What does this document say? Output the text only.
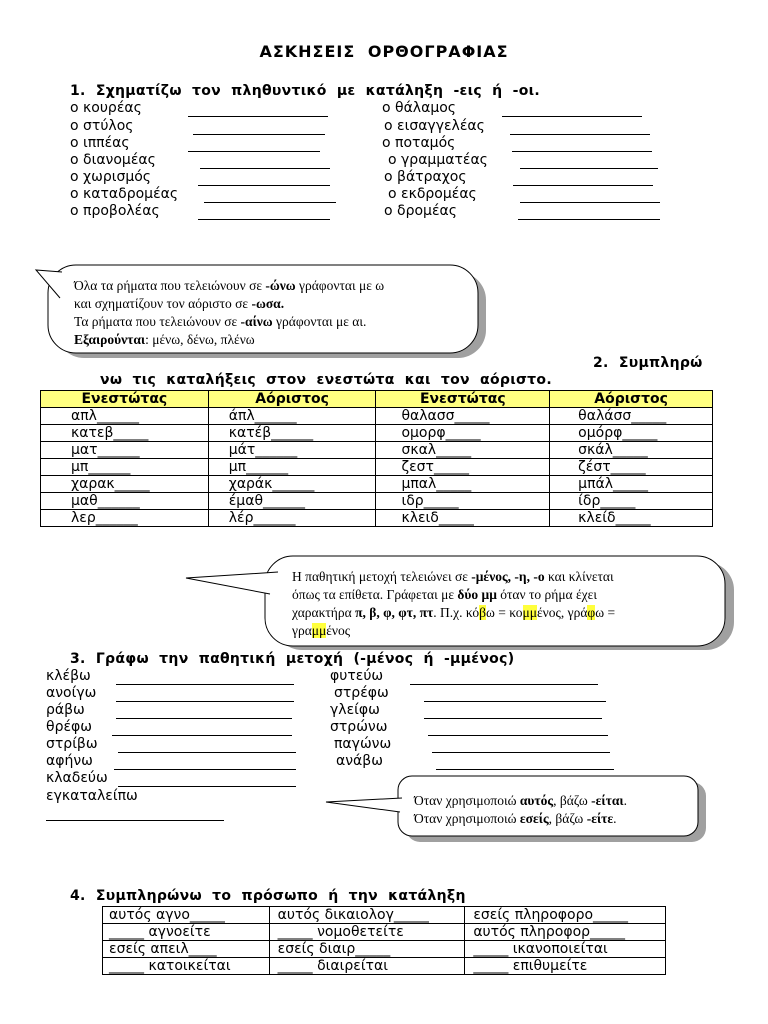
ΑΣΚΗΣΕΙΣ ΟΡΘΟΓΡΑΦΙΑΣ
1. Σχηματίζω τον πληθυντικό με κατάληξη -εις ή -οι.
ο κουρέας	ο θάλαμος
ο στύλος	ο εισαγγελέας
ο ιππέας	ο ποταμός
ο διανομέας	ο γραμματέας
ο χωρισμός	ο βάτραχος
ο καταδρομέας	ο εκδρομέας
ο προβολέας	ο δρομέας
Όλα τα ρήματα που τελειώνουν σε -ώνω γράφονται με ω
και σχηματίζουν τον αόριστο σε -ωσα.
Τα ρήματα που τελειώνουν σε -αίνω γράφονται με αι.
Εξαιρούνται: μένω, δένω, πλένω
2. Συμπληρώ
νω τις καταλήξεις στον ενεστώτα και τον αόριστο.
Ενεστώτας	Αόριστος	Ενεστώτας	Αόριστος
απλ______	άπλ______	θαλασσ_____	θαλάσσ_____
κατεβ_____	κατέβ______	ομορφ_____	ομόρφ_____
ματ______	μάτ______	σκαλ_____	σκάλ_____
μπ______	μπ______	ζεστ_____	ζέστ_____
χαρακ_____	χαράκ______	μπαλ_____	μπάλ_____
μαθ______	έμαθ______	ιδρ_____	ίδρ_____
λερ______	λέρ______	κλειδ_____	κλείδ_____
Η παθητική μετοχή τελειώνει σε -μένος, -η, -ο και κλίνεται
όπως τα επίθετα. Γράφεται με δύο μμ όταν το ρήμα έχει
χαρακτήρα π, β, φ, φτ, πτ. Π.χ. κόβω = κομμένος, γράφω =
γραμμένος
3. Γράφω την παθητική μετοχή (-μένος ή -μμένος)
κλέβω	φυτεύω
ανοίγω	στρέφω
ράβω	γλείφω
θρέφω	στρώνω
στρίβω	παγώνω
αφήνω	ανάβω
κλαδεύω
εγκαταλείπω	Όταν χρησιμοποιώ αυτός, βάζω -είται.
Όταν χρησιμοποιώ εσείς, βάζω -είτε.
4. Συμπληρώνω το πρόσωπο ή την κατάληξη
αυτός αγνο_____	αυτός δικαιολογ_____	εσείς πληροφορο_____
_____ αγνοείτε	_____ νομοθετείτε	αυτός πληροφορ_____
εσείς απειλ____	εσείς διαιρ_____	_____ ικανοποιείται
_____ κατοικείται	_____ διαιρείται	_____ επιθυμείτε
